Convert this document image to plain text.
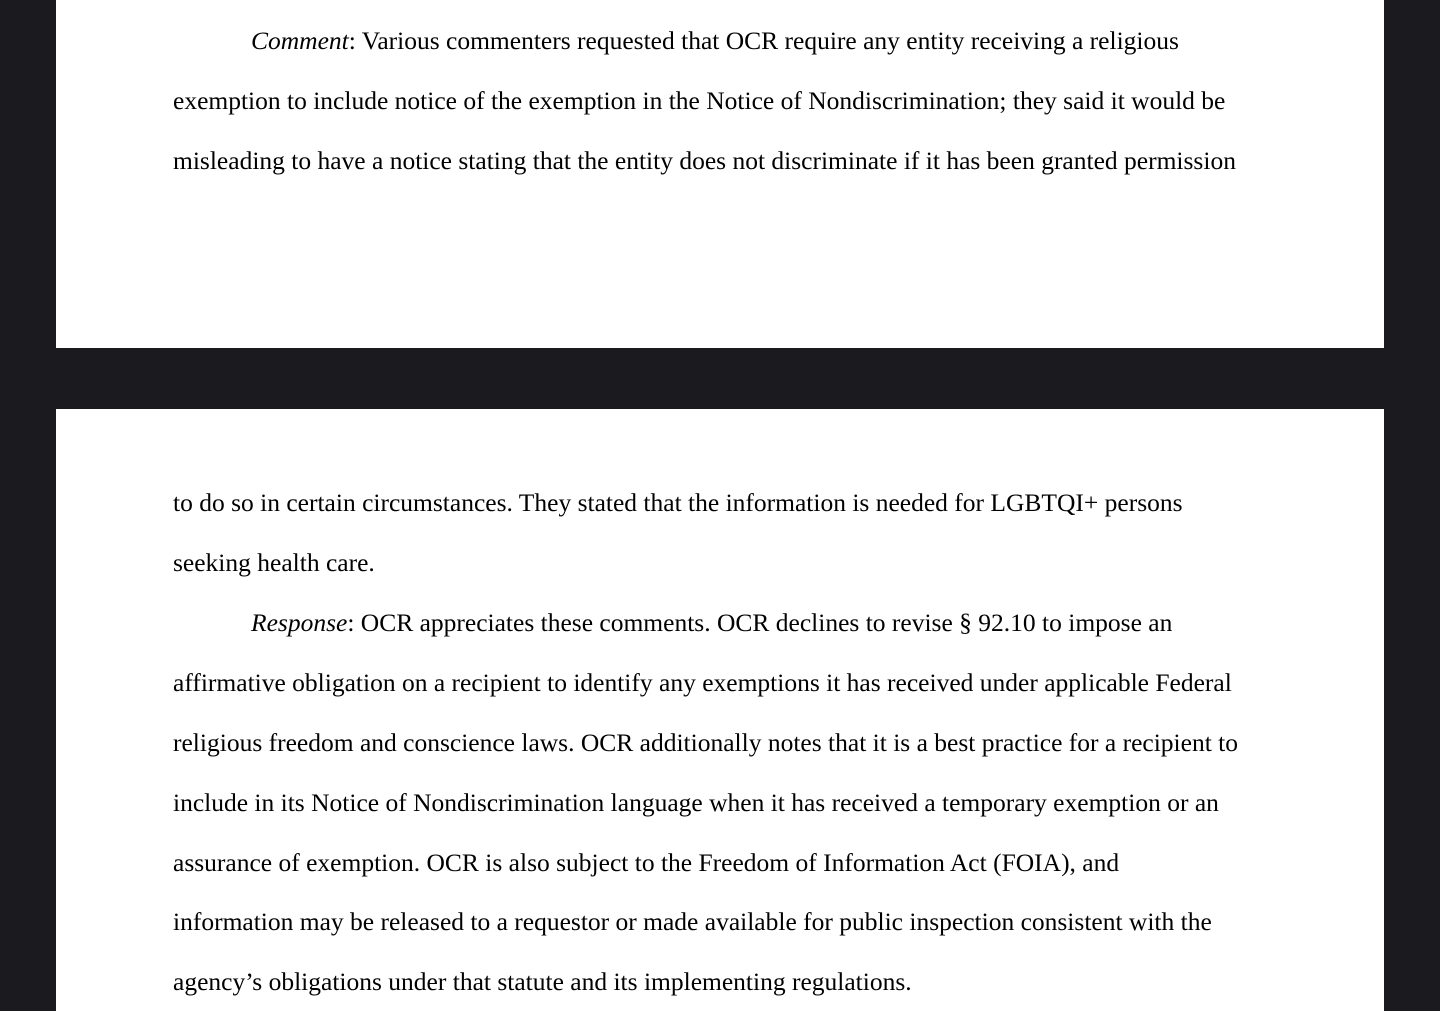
Comment: Various commenters requested that OCR require any entity receiving a religious
exemption to include notice of the exemption in the Notice of Nondiscrimination; they said it would be
misleading to have a notice stating that the entity does not discriminate if it has been granted permission
to do so in certain circumstances. They stated that the information is needed for LGBTQI+ persons
seeking health care.
Response: OCR appreciates these comments. OCR declines to revise § 92.10 to impose an
affirmative obligation on a recipient to identify any exemptions it has received under applicable Federal
religious freedom and conscience laws. OCR additionally notes that it is a best practice for a recipient to
include in its Notice of Nondiscrimination language when it has received a temporary exemption or an
assurance of exemption. OCR is also subject to the Freedom of Information Act (FOIA), and
information may be released to a requestor or made available for public inspection consistent with the
agency’s obligations under that statute and its implementing regulations.
